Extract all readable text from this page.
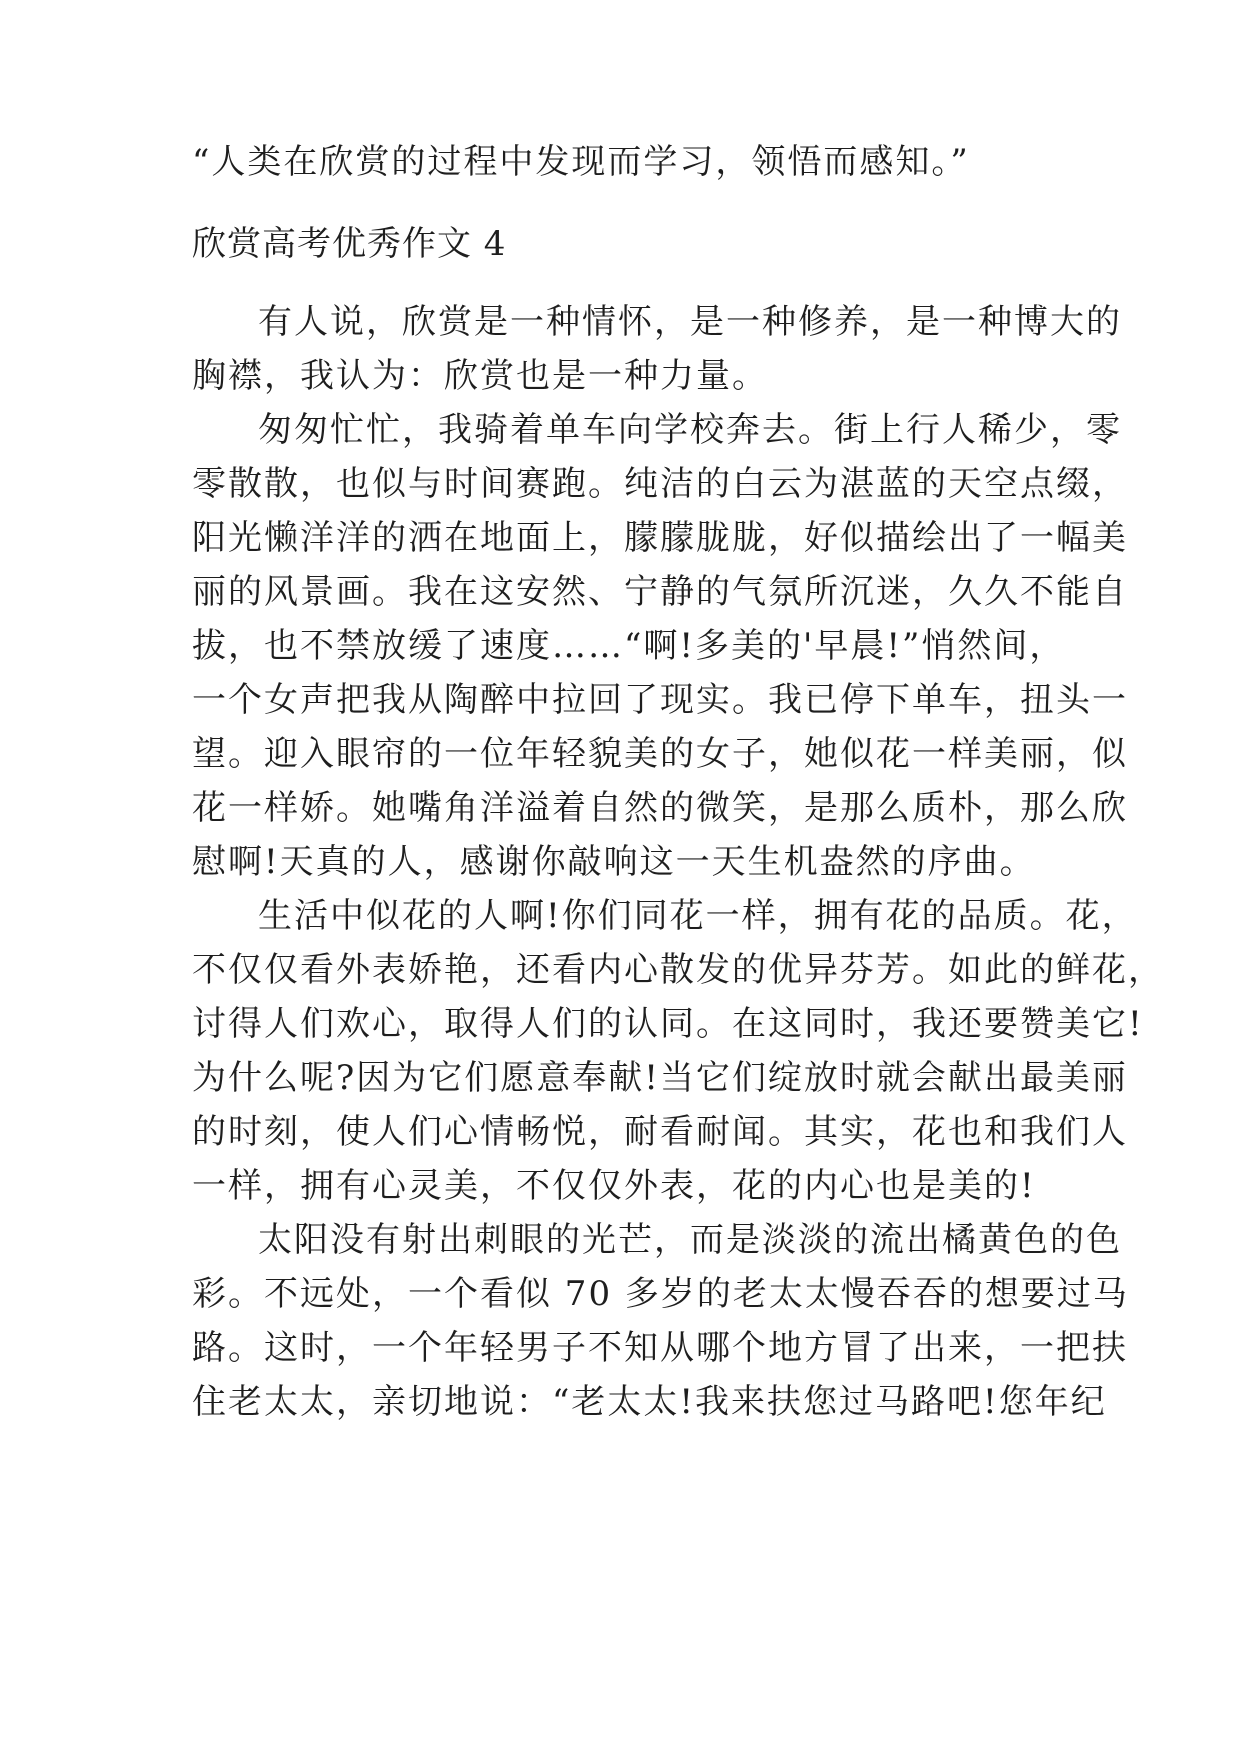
“人类在欣赏的过程中发现而学习，领悟而感知。”
欣赏高考优秀作文 4
有人说，欣赏是一种情怀，是一种修养，是一种博大的
胸襟，我认为：欣赏也是一种力量。
匆匆忙忙，我骑着单车向学校奔去。街上行人稀少，零
零散散，也似与时间赛跑。纯洁的白云为湛蓝的天空点缀，
阳光懒洋洋的洒在地面上，朦朦胧胧，好似描绘出了一幅美
丽的风景画。我在这安然、宁静的气氛所沉迷，久久不能自
拔，也不禁放缓了速度……“啊!多美的'早晨!”悄然间，
一个女声把我从陶醉中拉回了现实。我已停下单车，扭头一
望。迎入眼帘的一位年轻貌美的女子，她似花一样美丽，似
花一样娇。她嘴角洋溢着自然的微笑，是那么质朴，那么欣
慰啊!天真的人，感谢你敲响这一天生机盎然的序曲。
生活中似花的人啊!你们同花一样，拥有花的品质。花，
不仅仅看外表娇艳，还看内心散发的优异芬芳。如此的鲜花，
讨得人们欢心，取得人们的认同。在这同时，我还要赞美它!
为什么呢?因为它们愿意奉献!当它们绽放时就会献出最美丽
的时刻，使人们心情畅悦，耐看耐闻。其实，花也和我们人
一样，拥有心灵美，不仅仅外表，花的内心也是美的!
太阳没有射出刺眼的光芒，而是淡淡的流出橘黄色的色
彩。不远处，一个看似 70 多岁的老太太慢吞吞的想要过马
路。这时，一个年轻男子不知从哪个地方冒了出来，一把扶
住老太太，亲切地说：“老太太!我来扶您过马路吧!您年纪
